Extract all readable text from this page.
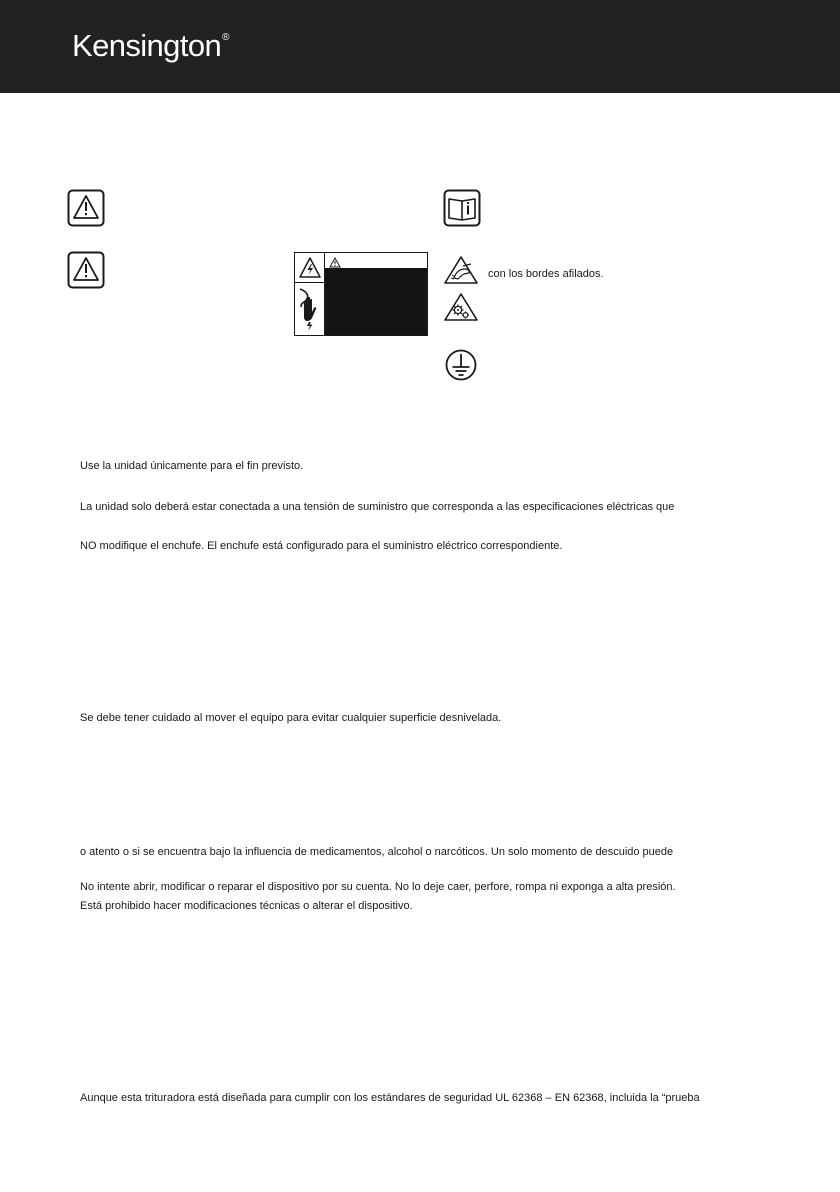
Kensington®
con los bordes afilados.
Use la unidad únicamente para el fin previsto.
La unidad solo deberá estar conectada a una tensión de suministro que corresponda a las especificaciones eléctricas que
NO modifique el enchufe. El enchufe está configurado para el suministro eléctrico correspondiente.
Se debe tener cuidado al mover el equipo para evitar cualquier superficie desnivelada.
o atento o si se encuentra bajo la influencia de medicamentos, alcohol o narcóticos. Un solo momento de descuido puede
No intente abrir, modificar o reparar el dispositivo por su cuenta. No lo deje caer, perfore, rompa ni exponga a alta presión.
Está prohibido hacer modificaciones técnicas o alterar el dispositivo.
Aunque esta trituradora está diseñada para cumplir con los estándares de seguridad UL 62368 – EN 62368, incluida la “prueba
